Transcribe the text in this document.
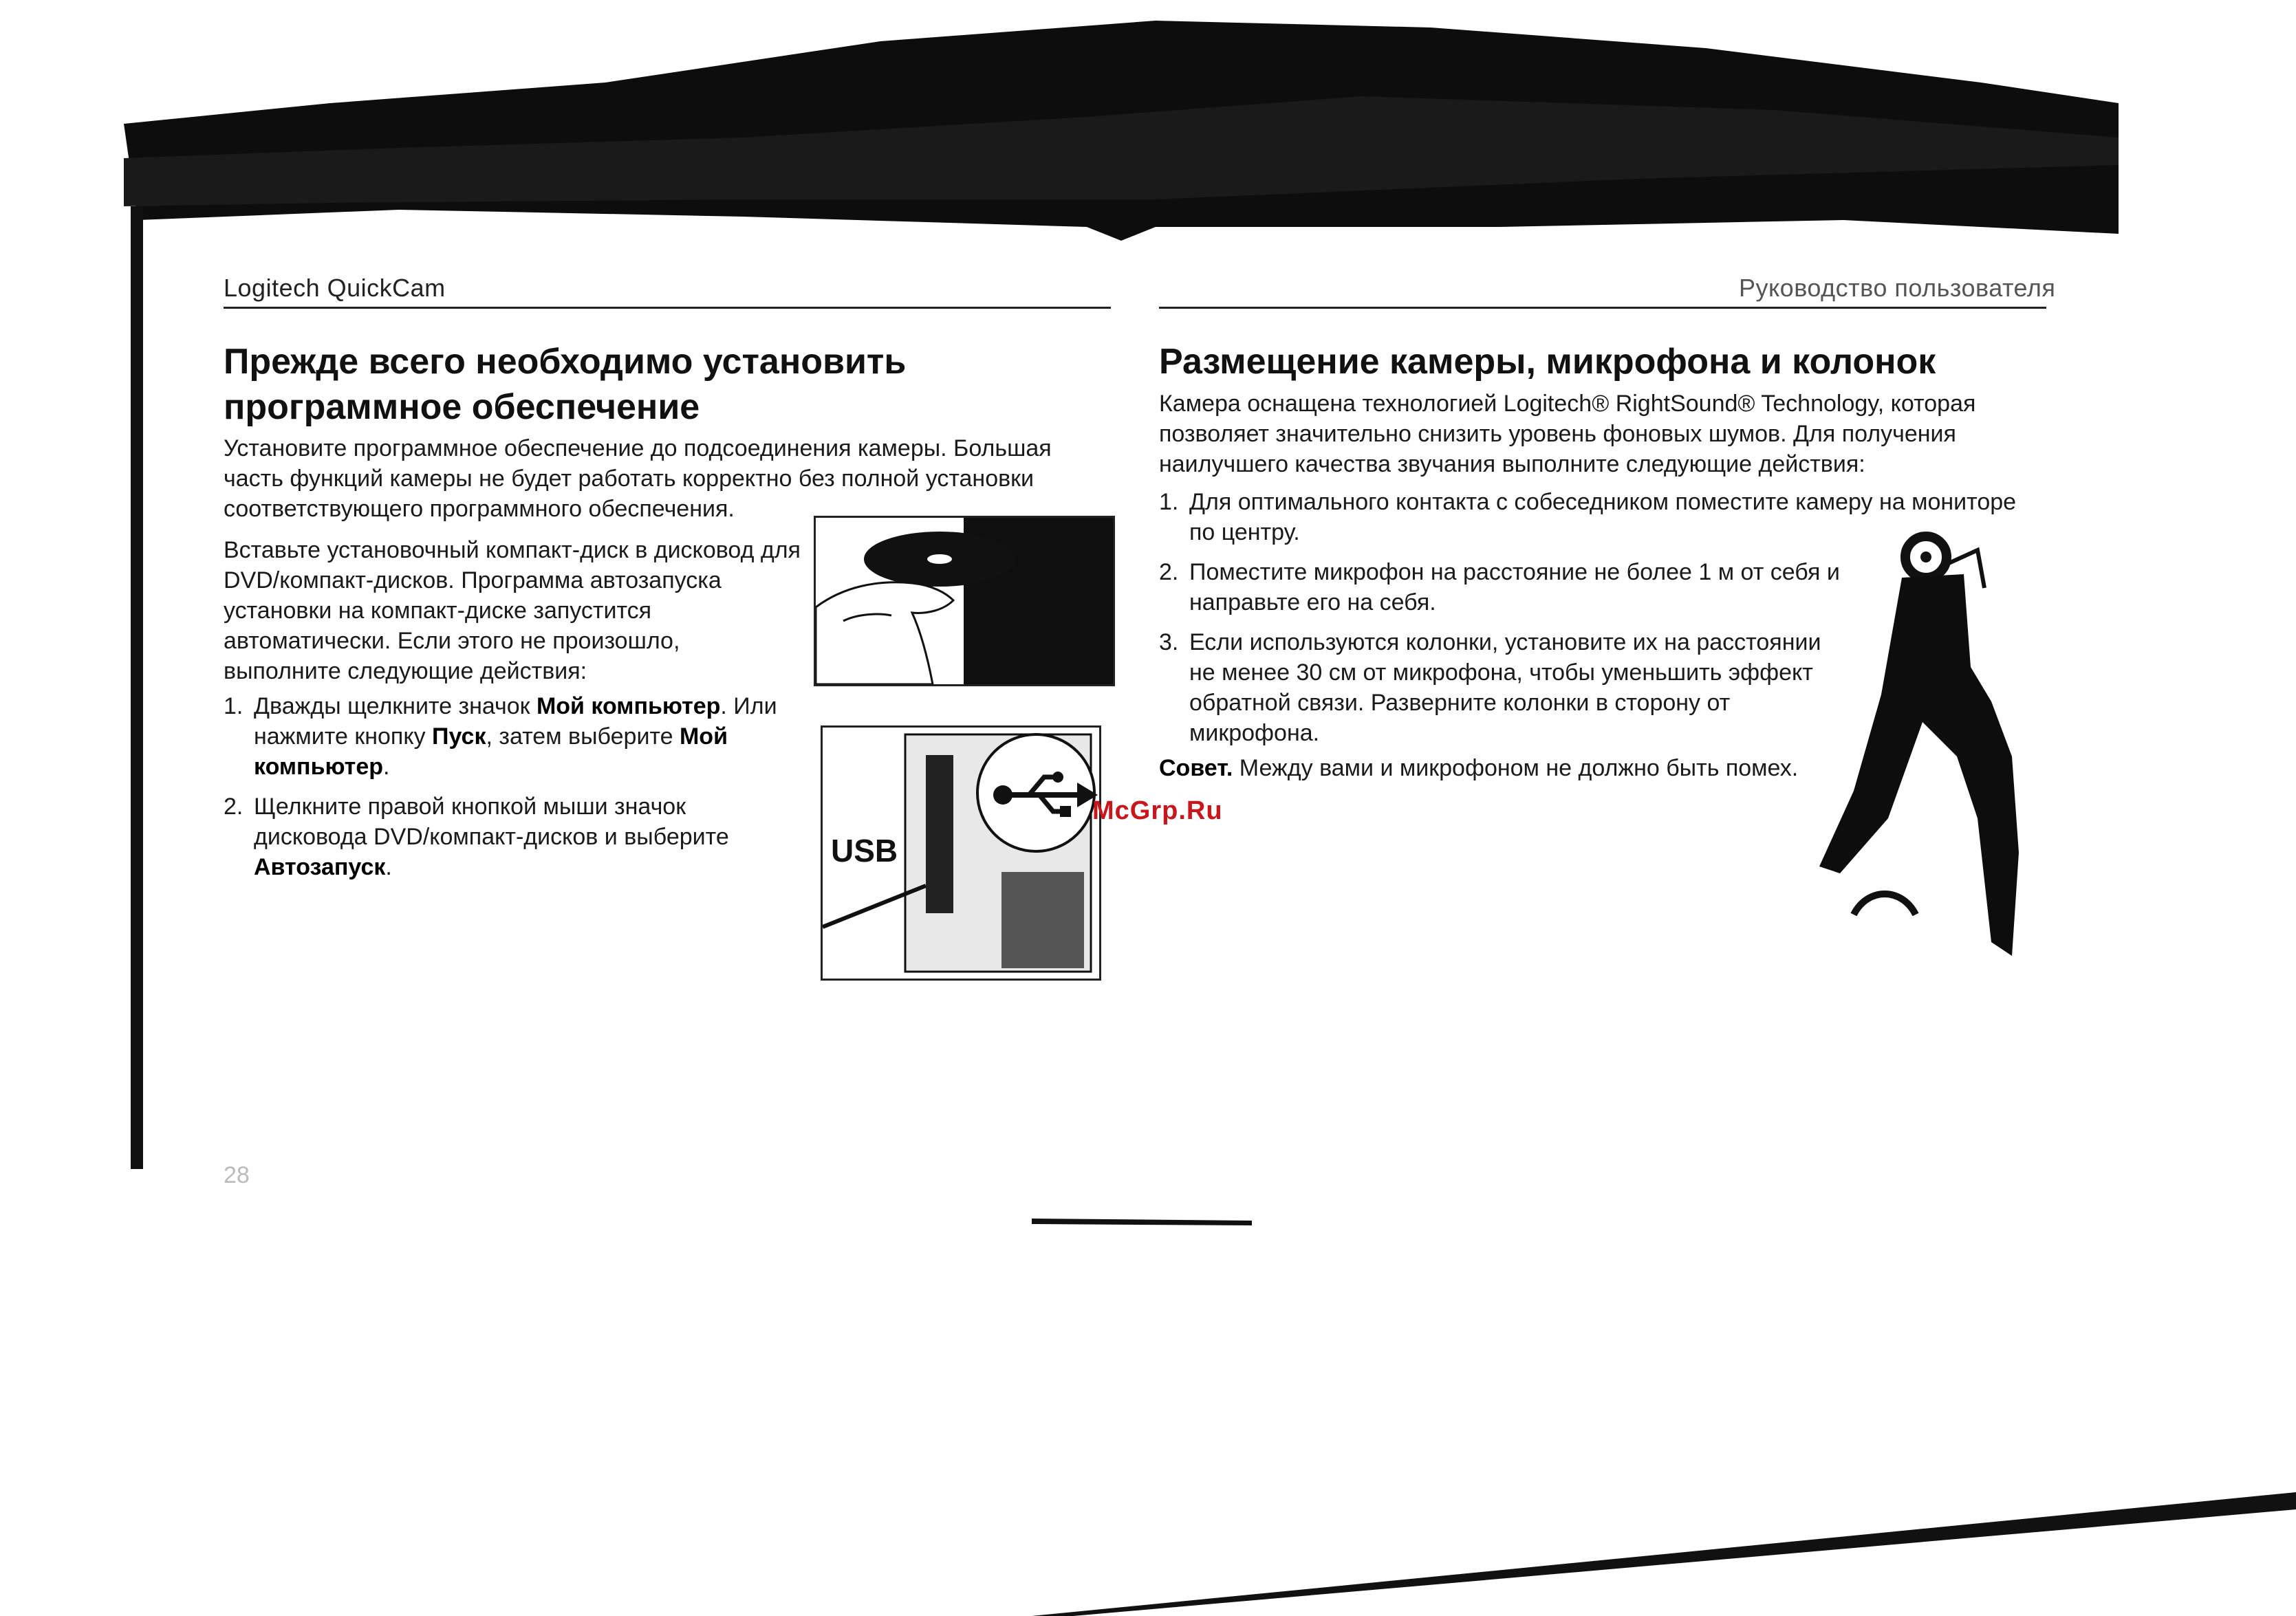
Logitech QuickCam	Руководство пользователя
Прежде всего необходимо установить программное обеспечение
Установите программное обеспечение до подсоединения камеры. Большая часть функций камеры не будет работать корректно без полной установки соответствующего программного обеспечения.
Вставьте установочный компакт-диск в дисковод для DVD/компакт-дисков. Программа автозапуска установки на компакт-диске запустится автоматически. Если этого не произошло, выполните следующие действия:
1. Дважды щелкните значок Мой компьютер. Или нажмите кнопку Пуск, затем выберите Мой компьютер.
2. Щелкните правой кнопкой мыши значок дисковода DVD/компакт-дисков и выберите Автозапуск.	USB
28
Размещение камеры, микрофона и колонок
Камера оснащена технологией Logitech® RightSound® Technology, которая позволяет значительно снизить уровень фоновых шумов. Для получения наилучшего качества звучания выполните следующие действия:
1. Для оптимального контакта с собеседником поместите камеру на мониторе по центру.
2. Поместите микрофон на расстояние не более 1 м от себя и направьте его на себя.
3. Если используются колонки, установите их на расстоянии не менее 30 см от микрофона, чтобы уменьшить эффект обратной связи. Разверните колонки в сторону от микрофона.
Совет. Между вами и микрофоном не должно быть помех.
McGrp.Ru
